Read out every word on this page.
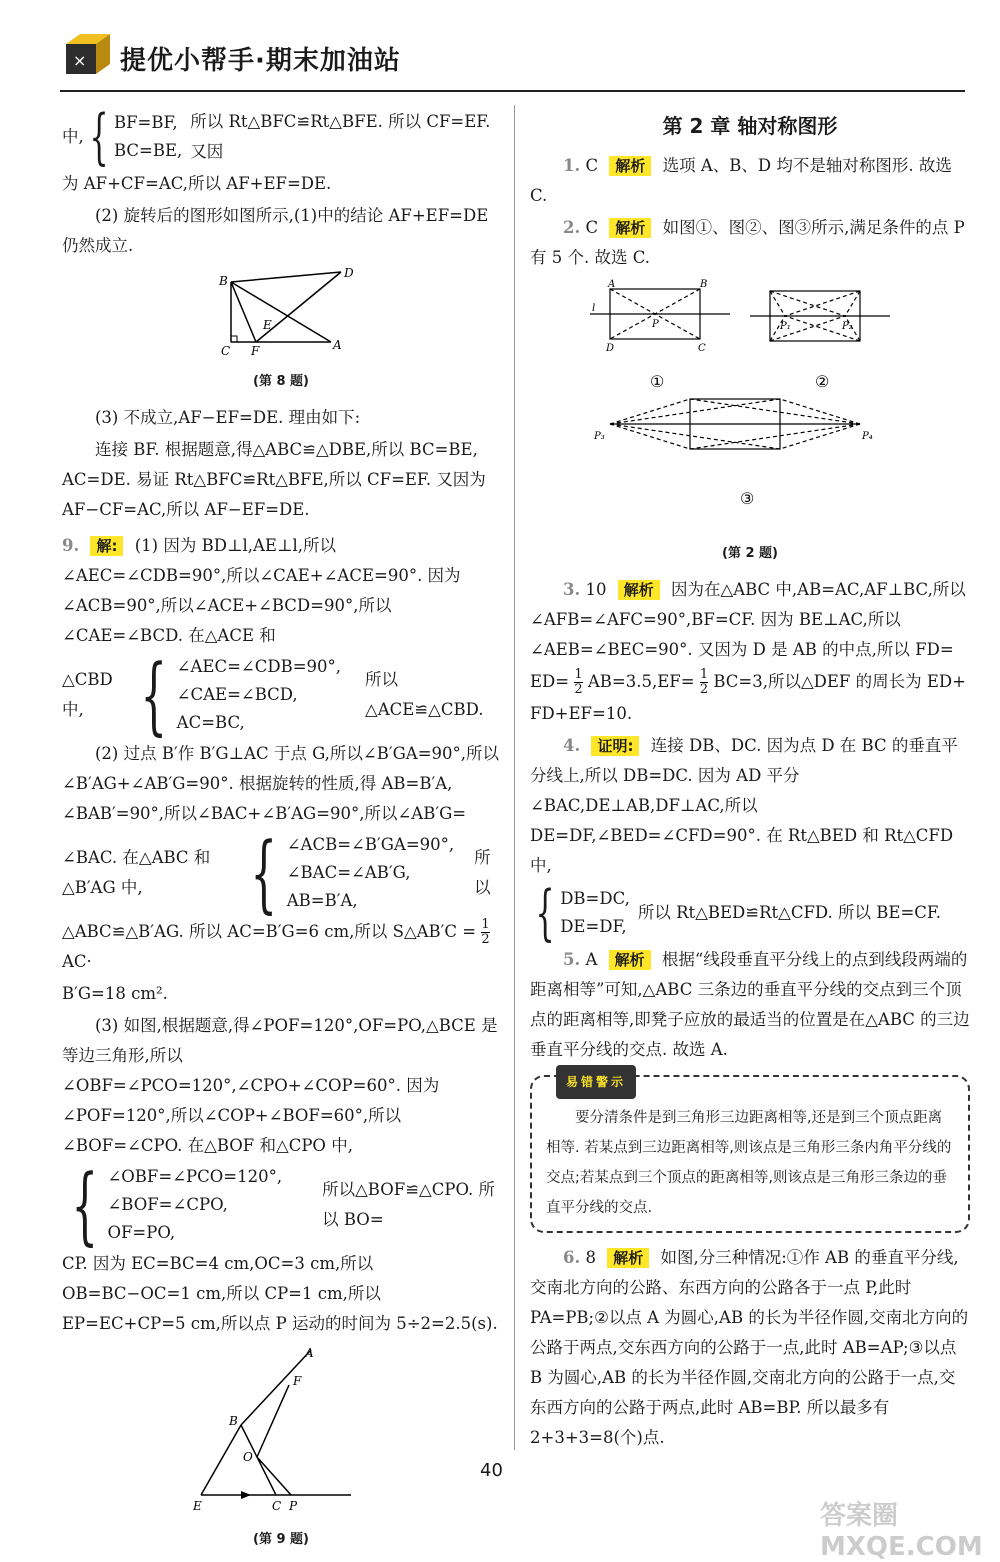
× 提优小帮手·期末加油站
中, { BF=BF,
BC=BE,
所以 Rt△BFC≌Rt△BFE. 所以 CF=EF. 又因

为 AF+CF=AC,所以 AF+EF=DE.

(2) 旋转后的图形如图所示,(1)中的结论 AF+EF=DE 仍然成立.

B
D
E
C F	A
(第 8 题)

(3) 不成立,AF−EF=DE. 理由如下:

连接 BF. 根据题意,得△ABC≌△DBE,所以 BC=BE, AC=DE. 易证 Rt△BFC≌Rt△BFE,所以 CF=EF. 又因为 AF−CF=AC,所以 AF−EF=DE.

9. 解: (1) 因为 BD⊥l,AE⊥l,所以∠AEC=∠CDB=90°,所以∠CAE+∠ACE=90°. 因为∠ACB=90°,所以∠ACE+∠BCD=90°,所以∠CAE=∠BCD. 在△ACE 和

△CBD 中, { ∠AEC=∠CDB=90°,
∠CAE=∠BCD,
AC=BC,
所以△ACE≌△CBD.

(2) 过点 B′作 B′G⊥AC 于点 G,所以∠B′GA=90°,所以∠B′AG+∠AB′G=90°. 根据旋转的性质,得 AB=B′A, ∠BAB′=90°,所以∠BAC+∠B′AG=90°,所以∠AB′G=

∠BAC. 在△ABC 和△B′AG 中,	{ ∠ACB=∠B′GA=90°,
∠BAC=∠AB′G,
AB=B′A,
所以

△ABC≌△B′AG. 所以 AC=B′G=6 cm,所以 S△AB′C = $\frac{1}{2}$
AC·

B′G=18 cm².

(3) 如图,根据题意,得∠POF=120°,OF=PO,△BCE 是等边三角形,所以∠OBF=∠PCO=120°,∠CPO+∠COP=60°. 因为∠POF=120°,所以∠COP+∠BOF=60°,所以∠BOF=∠CPO. 在△BOF 和△CPO 中,

{ ∠OBF=∠PCO=120°,
∠BOF=∠CPO,
OF=PO,
所以△BOF≌△CPO. 所以 BO=

CP. 因为 EC=BC=4 cm,OC=3 cm,所以 OB=BC−OC=1 cm,所以 CP=1 cm,所以 EP=EC+CP=5 cm,所以点 P 运动的时间为 5÷2=2.5(s).

A
F
B
O
E	C P
(第 9 题)
第 2 章 轴对称图形

1. C 解析 选项 A、B、D 均不是轴对称图形. 故选 C.

2. C 解析 如图①、图②、图③所示,满足条件的点 P 有 5 个. 故选 C.

A	B
C
D
l
P	P₁	P₂
①	②
P₃	P₄
③
(第 2 题)

3. 10 解析 因为在△ABC 中,AB=AC,AF⊥BC,所以∠AFB=∠AFC=90°,BF=CF. 因为 BE⊥AC,所以∠AEB=∠BEC=90°. 又因为 D 是 AB 的中点,所以 FD=

$ED= \frac{1}{2} AB=3.5,EF= \frac{1}{2} BC=3$,所以△DEF 的周长为 ED+

FD+EF=10.

4. 证明: 连接 DB、DC. 因为点 D 在 BC 的垂直平分线上,所以 DB=DC. 因为 AD 平分∠BAC,DE⊥AB,DF⊥AC,所以 DE=DF,∠BED=∠CFD=90°. 在 Rt△BED 和 Rt△CFD 中,

{ DB=DC,
DE=DF,
所以 Rt△BED≌Rt△CFD. 所以 BE=CF.

5. A 解析 根据“线段垂直平分线上的点到线段两端的距离相等”可知,△ABC 三条边的垂直平分线的交点到三个顶点的距离相等,即凳子应放的最适当的位置是在△ABC 的三边垂直平分线的交点. 故选 A.

易错警示
要分清条件是到三角形三边距离相等,还是到三个顶点距离相等. 若某点到三边距离相等,则该点是三角形三条内角平分线的交点;若某点到三个顶点的距离相等,则该点是三角形三条边的垂直平分线的交点.

6. 8 解析 如图,分三种情况:①作 AB 的垂直平分线,交南北方向的公路、东西方向的公路各于一点 P,此时 PA=PB;②以点 A 为圆心,AB 的长为半径作圆,交南北方向的公路于两点,交东西方向的公路于一点,此时 AB=AP;③以点 B 为圆心,AB 的长为半径作圆,交南北方向的公路于一点,交东西方向的公路于两点,此时 AB=BP. 所以最多有 2+3+3=8(个)点.

40
答案圈 MXQE.COM
